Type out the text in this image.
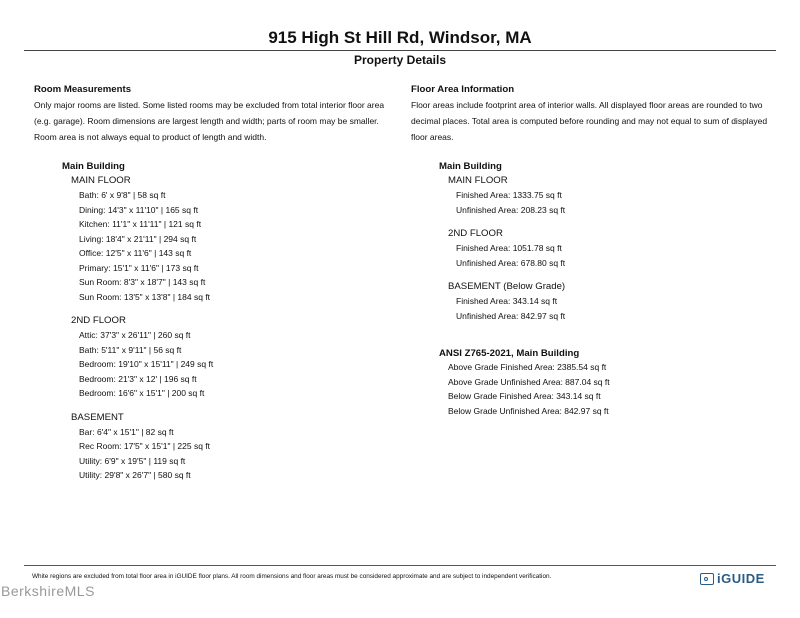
915 High St Hill Rd, Windsor, MA
Property Details
Room Measurements
Only major rooms are listed. Some listed rooms may be excluded from total interior floor area
(e.g. garage). Room dimensions are largest length and width; parts of room may be smaller.
Room area is not always equal to product of length and width.
Main Building
MAIN FLOOR
Bath: 6' x 9'8" | 58 sq ft
Dining: 14'3" x 11'10" | 165 sq ft
Kitchen: 11'1" x 11'11" | 121 sq ft
Living: 18'4" x 21'11" | 294 sq ft
Office: 12'5" x 11'6" | 143 sq ft
Primary: 15'1" x 11'6" | 173 sq ft
Sun Room: 8'3" x 18'7" | 143 sq ft
Sun Room: 13'5" x 13'8" | 184 sq ft
2ND FLOOR
Attic: 37'3" x 26'11" | 260 sq ft
Bath: 5'11" x 9'11" | 56 sq ft
Bedroom: 19'10" x 15'11" | 249 sq ft
Bedroom: 21'3" x 12' | 196 sq ft
Bedroom: 16'6" x 15'1" | 200 sq ft
BASEMENT
Bar: 6'4" x 15'1" | 82 sq ft
Rec Room: 17'5" x 15'1" | 225 sq ft
Utility: 6'9" x 19'5" | 119 sq ft
Utility: 29'8" x 26'7" | 580 sq ft
Floor Area Information
Floor areas include footprint area of interior walls. All displayed floor areas are rounded to two
decimal places. Total area is computed before rounding and may not equal to sum of displayed
floor areas.
Main Building
MAIN FLOOR
Finished Area: 1333.75 sq ft
Unfinished Area: 208.23 sq ft
2ND FLOOR
Finished Area: 1051.78 sq ft
Unfinished Area: 678.80 sq ft
BASEMENT (Below Grade)
Finished Area: 343.14 sq ft
Unfinished Area: 842.97 sq ft
ANSI Z765-2021, Main Building
Above Grade Finished Area: 2385.54 sq ft
Above Grade Unfinished Area: 887.04 sq ft
Below Grade Finished Area: 343.14 sq ft
Below Grade Unfinished Area: 842.97 sq ft
White regions are excluded from total floor area in iGUIDE floor plans. All room dimensions and floor areas must be considered approximate and are subject to independent verification.
BerkshireMLS
iGUIDE
